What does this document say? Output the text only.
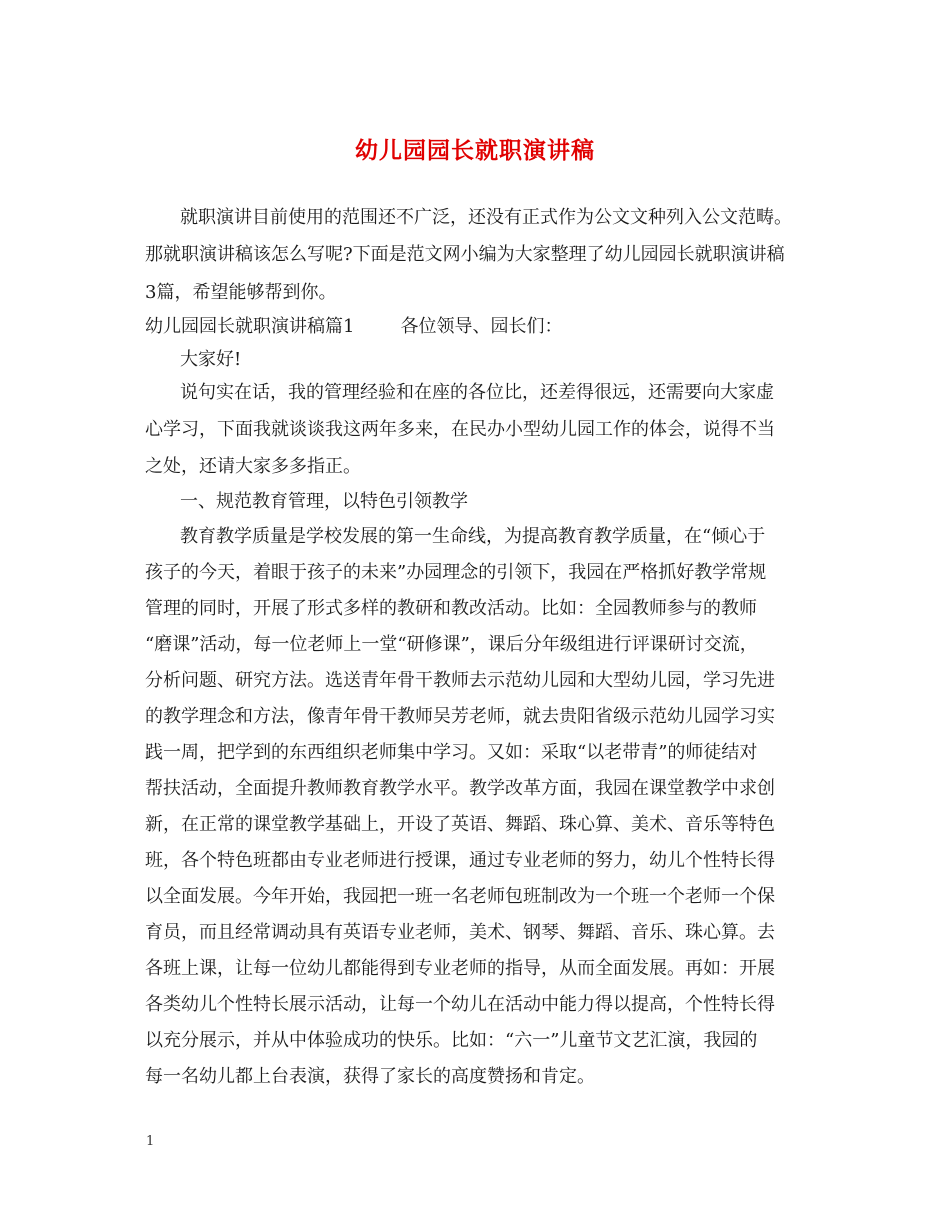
幼儿园园长就职演讲稿
就职演讲目前使用的范围还不广泛，还没有正式作为公文文种列入公文范畴。
那就职演讲稿该怎么写呢?下面是范文网小编为大家整理了幼儿园园长就职演讲稿
3篇，希望能够帮到你。
幼儿园园长就职演讲稿篇1	各位领导、园长们：
大家好!
说句实在话，我的管理经验和在座的各位比，还差得很远，还需要向大家虚
心学习，下面我就谈谈我这两年多来，在民办小型幼儿园工作的体会，说得不当
之处，还请大家多多指正。
一、规范教育管理，以特色引领教学
教育教学质量是学校发展的第一生命线，为提高教育教学质量，在“倾心于
孩子的今天，着眼于孩子的未来”办园理念的引领下，我园在严格抓好教学常规
管理的同时，开展了形式多样的教研和教改活动。比如：全园教师参与的教师
“磨课”活动，每一位老师上一堂“研修课”，课后分年级组进行评课研讨交流，
分析问题、研究方法。选送青年骨干教师去示范幼儿园和大型幼儿园，学习先进
的教学理念和方法，像青年骨干教师吴芳老师，就去贵阳省级示范幼儿园学习实
践一周，把学到的东西组织老师集中学习。又如：采取“以老带青”的师徒结对
帮扶活动，全面提升教师教育教学水平。教学改革方面，我园在课堂教学中求创
新，在正常的课堂教学基础上，开设了英语、舞蹈、珠心算、美术、音乐等特色
班，各个特色班都由专业老师进行授课，通过专业老师的努力，幼儿个性特长得
以全面发展。今年开始，我园把一班一名老师包班制改为一个班一个老师一个保
育员，而且经常调动具有英语专业老师，美术、钢琴、舞蹈、音乐、珠心算。去
各班上课，让每一位幼儿都能得到专业老师的指导，从而全面发展。再如：开展
各类幼儿个性特长展示活动，让每一个幼儿在活动中能力得以提高，个性特长得
以充分展示，并从中体验成功的快乐。比如：“六一”儿童节文艺汇演，我园的
每一名幼儿都上台表演，获得了家长的高度赞扬和肯定。
1
